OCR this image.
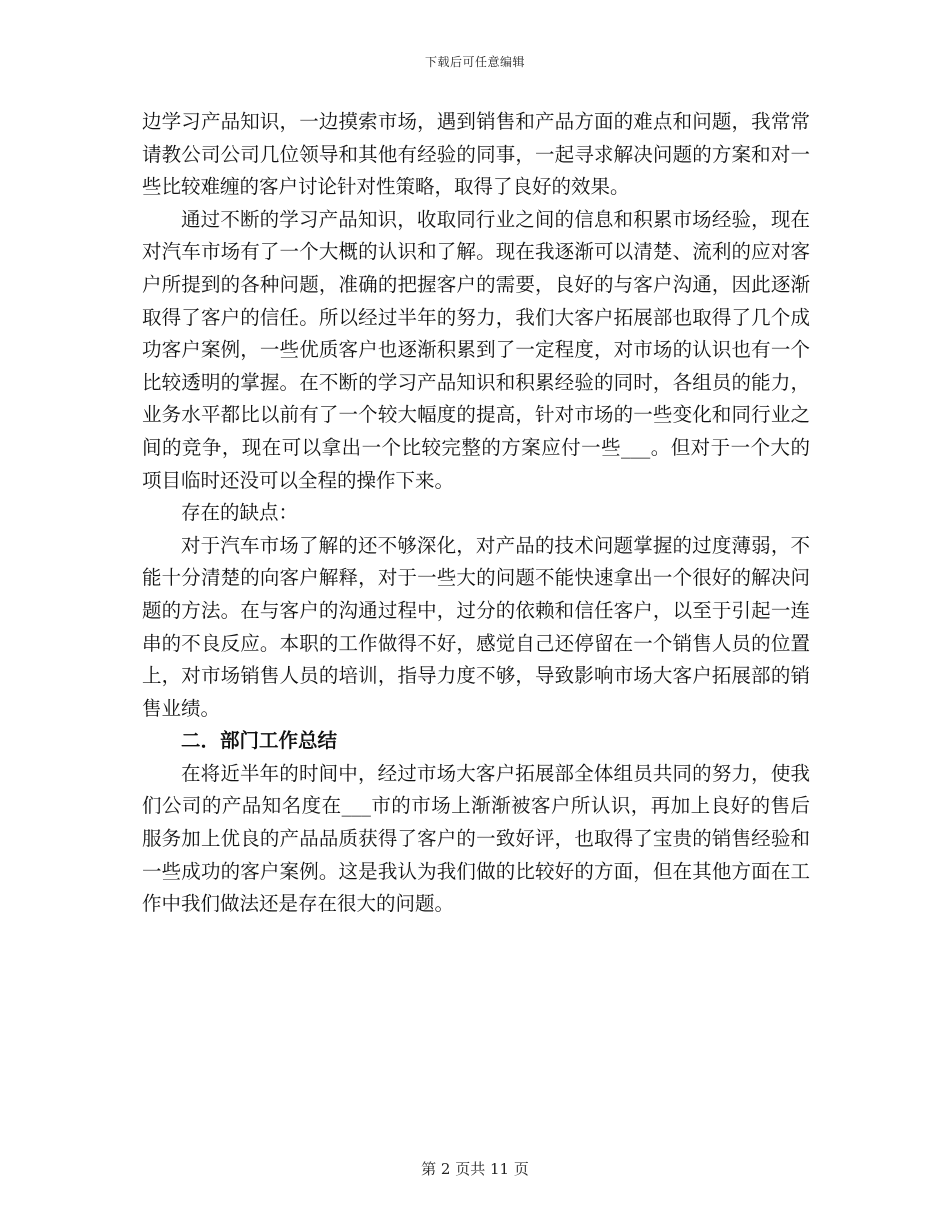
下载后可任意编辑

边学习产品知识，一边摸索市场，遇到销售和产品方面的难点和问题，我常常请教公司公司几位领导和其他有经验的同事，一起寻求解决问题的方案和对一些比较难缠的客户讨论针对性策略，取得了良好的效果。

通过不断的学习产品知识，收取同行业之间的信息和积累市场经验，现在对汽车市场有了一个大概的认识和了解。现在我逐渐可以清楚、流利的应对客户所提到的各种问题，准确的把握客户的需要，良好的与客户沟通，因此逐渐取得了客户的信任。所以经过半年的努力，我们大客户拓展部也取得了几个成功客户案例，一些优质客户也逐渐积累到了一定程度，对市场的认识也有一个比较透明的掌握。在不断的学习产品知识和积累经验的同时，各组员的能力，业务水平都比以前有了一个较大幅度的提高，针对市场的一些变化和同行业之间的竞争，现在可以拿出一个比较完整的方案应付一些___。但对于一个大的项目临时还没可以全程的操作下来。

存在的缺点：

对于汽车市场了解的还不够深化，对产品的技术问题掌握的过度薄弱，不能十分清楚的向客户解释，对于一些大的问题不能快速拿出一个很好的解决问题的方法。在与客户的沟通过程中，过分的依赖和信任客户，以至于引起一连串的不良反应。本职的工作做得不好，感觉自己还停留在一个销售人员的位置上，对市场销售人员的培训，指导力度不够，导致影响市场大客户拓展部的销售业绩。

二．部门工作总结

在将近半年的时间中，经过市场大客户拓展部全体组员共同的努力，使我们公司的产品知名度在___市的市场上渐渐被客户所认识，再加上良好的售后服务加上优良的产品品质获得了客户的一致好评，也取得了宝贵的销售经验和一些成功的客户案例。这是我认为我们做的比较好的方面，但在其他方面在工作中我们做法还是存在很大的问题。

第 2 页共 11 页
